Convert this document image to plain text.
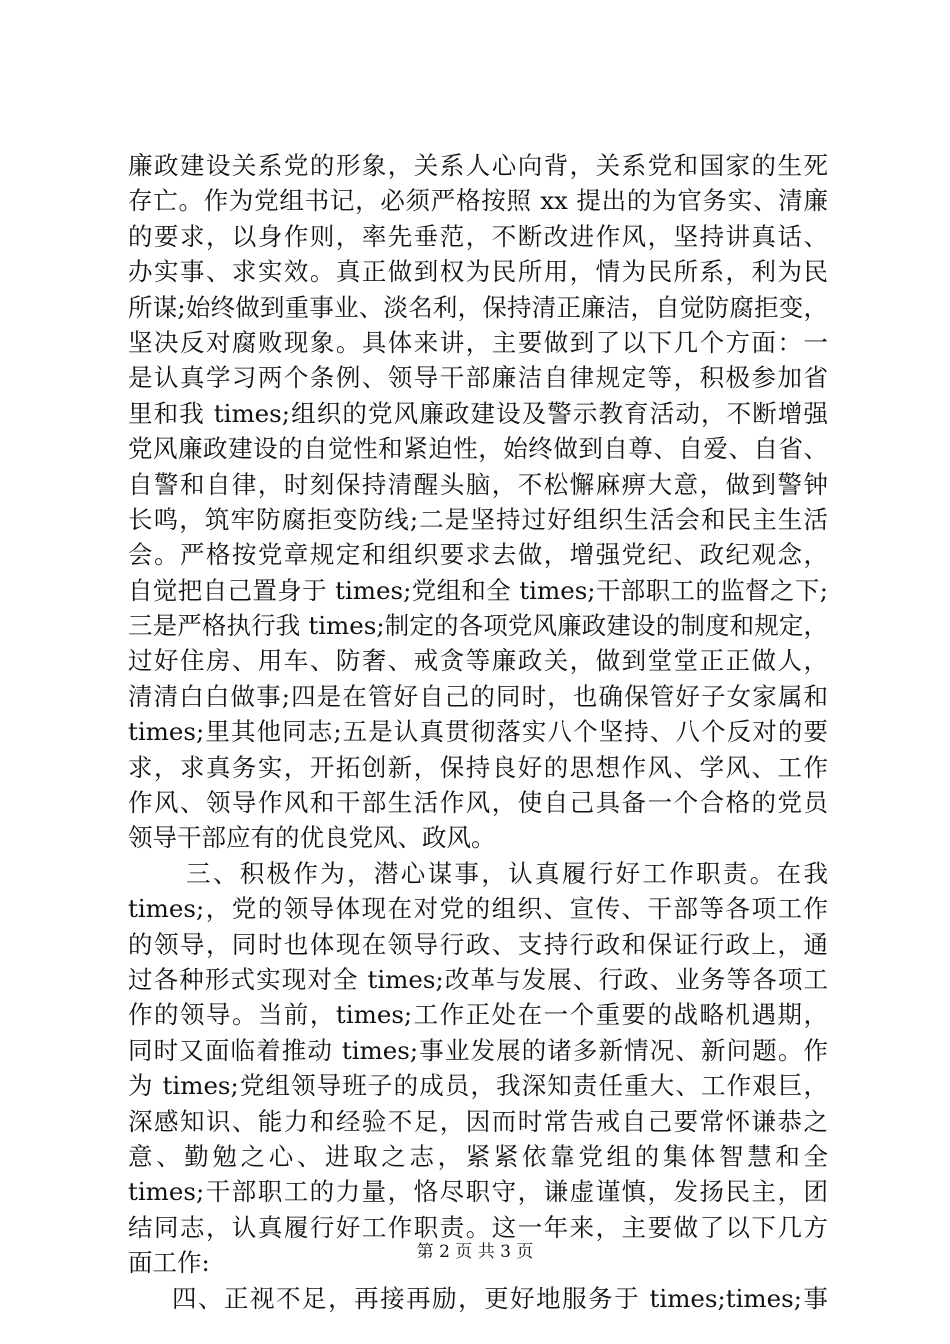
廉政建设关系党的形象，关系人心向背，关系党和国家的生死
存亡。作为党组书记，必须严格按照 xx 提出的为官务实、清廉
的要求，以身作则，率先垂范，不断改进作风，坚持讲真话、
办实事、求实效。真正做到权为民所用，情为民所系，利为民
所谋;始终做到重事业、淡名利，保持清正廉洁，自觉防腐拒变，
坚决反对腐败现象。具体来讲，主要做到了以下几个方面：一
是认真学习两个条例、领导干部廉洁自律规定等，积极参加省
里和我 times;组织的党风廉政建设及警示教育活动，不断增强
党风廉政建设的自觉性和紧迫性，始终做到自尊、自爱、自省、
自警和自律，时刻保持清醒头脑，不松懈麻痹大意，做到警钟
长鸣，筑牢防腐拒变防线;二是坚持过好组织生活会和民主生活
会。严格按党章规定和组织要求去做，增强党纪、政纪观念，
自觉把自己置身于 times;党组和全 times;干部职工的监督之下;
三是严格执行我 times;制定的各项党风廉政建设的制度和规定，
过好住房、用车、防奢、戒贪等廉政关，做到堂堂正正做人，
清清白白做事;四是在管好自己的同时，也确保管好子女家属和
times;里其他同志;五是认真贯彻落实八个坚持、八个反对的要
求，求真务实，开拓创新，保持良好的思想作风、学风、工作
作风、领导作风和干部生活作风，使自己具备一个合格的党员
领导干部应有的优良党风、政风。
三、积极作为，潜心谋事，认真履行好工作职责。在我
times;，党的领导体现在对党的组织、宣传、干部等各项工作
的领导，同时也体现在领导行政、支持行政和保证行政上，通
过各种形式实现对全 times;改革与发展、行政、业务等各项工
作的领导。当前，times;工作正处在一个重要的战略机遇期，
同时又面临着推动 times;事业发展的诸多新情况、新问题。作
为 times;党组领导班子的成员，我深知责任重大、工作艰巨，
深感知识、能力和经验不足，因而时常告戒自己要常怀谦恭之
意、勤勉之心、进取之志，紧紧依靠党组的集体智慧和全
times;干部职工的力量，恪尽职守，谦虚谨慎，发扬民主，团
结同志，认真履行好工作职责。这一年来，主要做了以下几方
面工作:
四、正视不足，再接再励，更好地服务于 times;times;事
第 2 页 共 3 页
